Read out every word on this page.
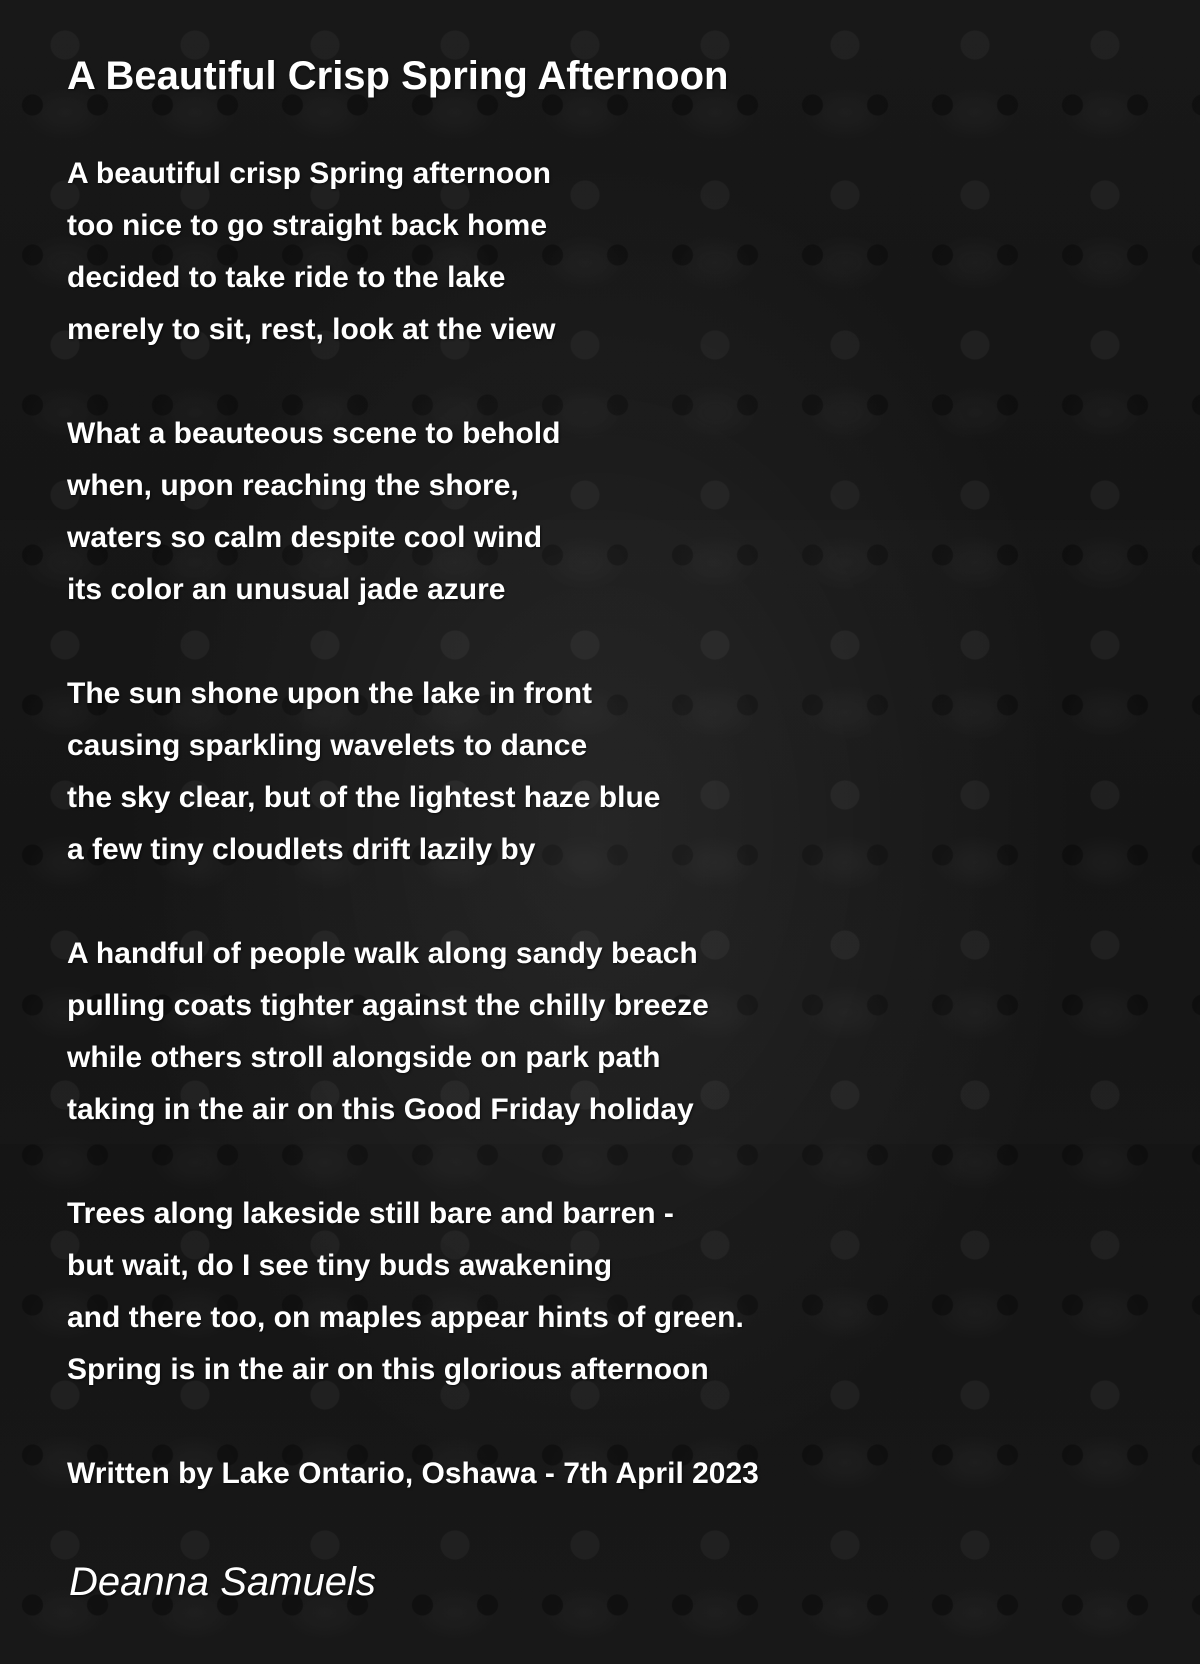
A Beautiful Crisp Spring Afternoon
A beautiful crisp Spring afternoon
too nice to go straight back home
decided to take ride to the lake
merely to sit, rest, look at the view
What a beauteous scene to behold
when, upon reaching the shore,
waters so calm despite cool wind
its color an unusual jade azure
The sun shone upon the lake in front
causing sparkling wavelets to dance
the sky clear, but of the lightest haze blue
a few tiny cloudlets drift lazily by
A handful of people walk along sandy beach
pulling coats tighter against the chilly breeze
while others stroll alongside on park path
taking in the air on this Good Friday holiday
Trees along lakeside still bare and barren -
but wait, do I see tiny buds awakening
and there too, on maples appear hints of green.
Spring is in the air on this glorious afternoon
Written by Lake Ontario, Oshawa - 7th April 2023

Deanna Samuels
